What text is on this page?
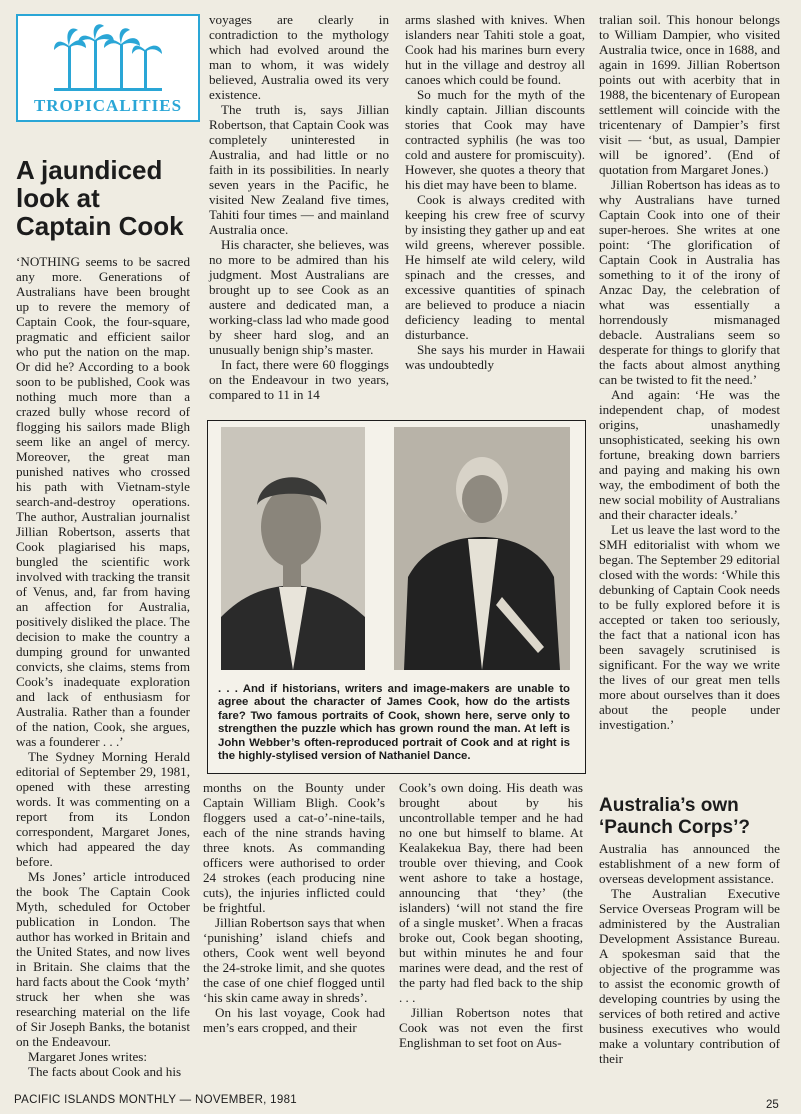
TROPICALITIES
A jaundiced look at Captain Cook

‘NOTHING seems to be sacred any more. Generations of Australians have been brought up to revere the memory of Captain Cook, the four-square, pragmatic and efficient sailor who put the nation on the map. Or did he? According to a book soon to be published, Cook was nothing much more than a crazed bully whose record of flogging his sailors made Bligh seem like an angel of mercy. Moreover, the great man punished natives who crossed his path with Vietnam-style search-and-destroy operations. The author, Australian journalist Jillian Robertson, asserts that Cook plagiarised his maps, bungled the scientific work involved with tracking the transit of Venus, and, far from having an affection for Australia, positively disliked the place. The decision to make the country a dumping ground for unwanted convicts, she claims, stems from Cook’s inadequate exploration and lack of enthusiasm for Australia. Rather than a founder of the nation, Cook, she argues, was a founderer . . .’

The Sydney Morning Herald editorial of September 29, 1981, opened with these arresting words. It was commenting on a report from its London correspondent, Margaret Jones, which had appeared the day before.

Ms Jones’ article introduced the book The Captain Cook Myth, scheduled for October publication in London. The author has worked in Britain and the United States, and now lives in Britain. She claims that the hard facts about the Cook ‘myth’ struck her when she was researching material on the life of Sir Joseph Banks, the botanist on the Endeavour.

Margaret Jones writes:

The facts about Cook and his

voyages are clearly in contradiction to the mythology which had evolved around the man to whom, it was widely believed, Australia owed its very existence.

The truth is, says Jillian Robertson, that Captain Cook was completely uninterested in Australia, and had little or no faith in its possibilities. In nearly seven years in the Pacific, he visited New Zealand five times, Tahiti four times — and mainland Australia once.

His character, she believes, was no more to be admired than his judgment. Most Australians are brought up to see Cook as an austere and dedicated man, a working-class lad who made good by sheer hard slog, and an unusually benign ship’s master.

In fact, there were 60 floggings on the Endeavour in two years, compared to 11 in 14

arms slashed with knives. When islanders near Tahiti stole a goat, Cook had his marines burn every hut in the village and destroy all canoes which could be found.

So much for the myth of the kindly captain. Jillian discounts stories that Cook may have contracted syphilis (he was too cold and austere for promiscuity). However, she quotes a theory that his diet may have been to blame.

Cook is always credited with keeping his crew free of scurvy by insisting they gather up and eat wild greens, wherever possible. He himself ate wild celery, wild spinach and the cresses, and excessive quantities of spinach are believed to produce a niacin deficiency leading to mental disturbance.

She says his murder in Hawaii was undoubtedly

. . . And if historians, writers and image-makers are unable to agree about the character of James Cook, how do the artists fare? Two famous portraits of Cook, shown here, serve only to strengthen the puzzle which has grown round the man. At left is John Webber’s often-reproduced portrait of Cook and at right is the highly-stylised version of Nathaniel Dance.

months on the Bounty under Captain William Bligh. Cook’s floggers used a cat-o’-nine-tails, each of the nine strands having three knots. As commanding officers were authorised to order 24 strokes (each producing nine cuts), the injuries inflicted could be frightful.

Jillian Robertson says that when ‘punishing’ island chiefs and others, Cook went well beyond the 24-stroke limit, and she quotes the case of one chief flogged until ‘his skin came away in shreds’.

On his last voyage, Cook had men’s ears cropped, and their

Cook’s own doing. His death was brought about by his uncontrollable temper and he had no one but himself to blame. At Kealakekua Bay, there had been trouble over thieving, and Cook went ashore to take a hostage, announcing that ‘they’ (the islanders) ‘will not stand the fire of a single musket’. When a fracas broke out, Cook began shooting, but within minutes he and four marines were dead, and the rest of the party had fled back to the ship . . .

Jillian Robertson notes that Cook was not even the first Englishman to set foot on Aus-

tralian soil. This honour belongs to William Dampier, who visited Australia twice, once in 1688, and again in 1699. Jillian Robertson points out with acerbity that in 1988, the bicentenary of European settlement will coincide with the tricentenary of Dampier’s first visit — ‘but, as usual, Dampier will be ignored’. (End of quotation from Margaret Jones.)

Jillian Robertson has ideas as to why Australians have turned Captain Cook into one of their super-heroes. She writes at one point: ‘The glorification of Captain Cook in Australia has something to it of the irony of Anzac Day, the celebration of what was essentially a horrendously mismanaged debacle. Australians seem so desperate for things to glorify that the facts about almost anything can be twisted to fit the need.’

And again: ‘He was the independent chap, of modest origins, unashamedly unsophisticated, seeking his own fortune, breaking down barriers and paying and making his own way, the embodiment of both the new social mobility of Australians and their character ideals.’

Let us leave the last word to the SMH editorialist with whom we began. The September 29 editorial closed with the words: ‘While this debunking of Captain Cook needs to be fully explored before it is accepted or taken too seriously, the fact that a national icon has been savagely scrutinised is significant. For the way we write the lives of our great men tells more about ourselves than it does about the people under investigation.’

Australia’s own ‘Paunch Corps’?

Australia has announced the establishment of a new form of overseas development assistance.

The Australian Executive Service Overseas Program will be administered by the Australian Development Assistance Bureau. A spokesman said that the objective of the programme was to assist the economic growth of developing countries by using the services of both retired and active business executives who would make a voluntary contribution of their

PACIFIC ISLANDS MONTHLY — NOVEMBER, 1981	25
